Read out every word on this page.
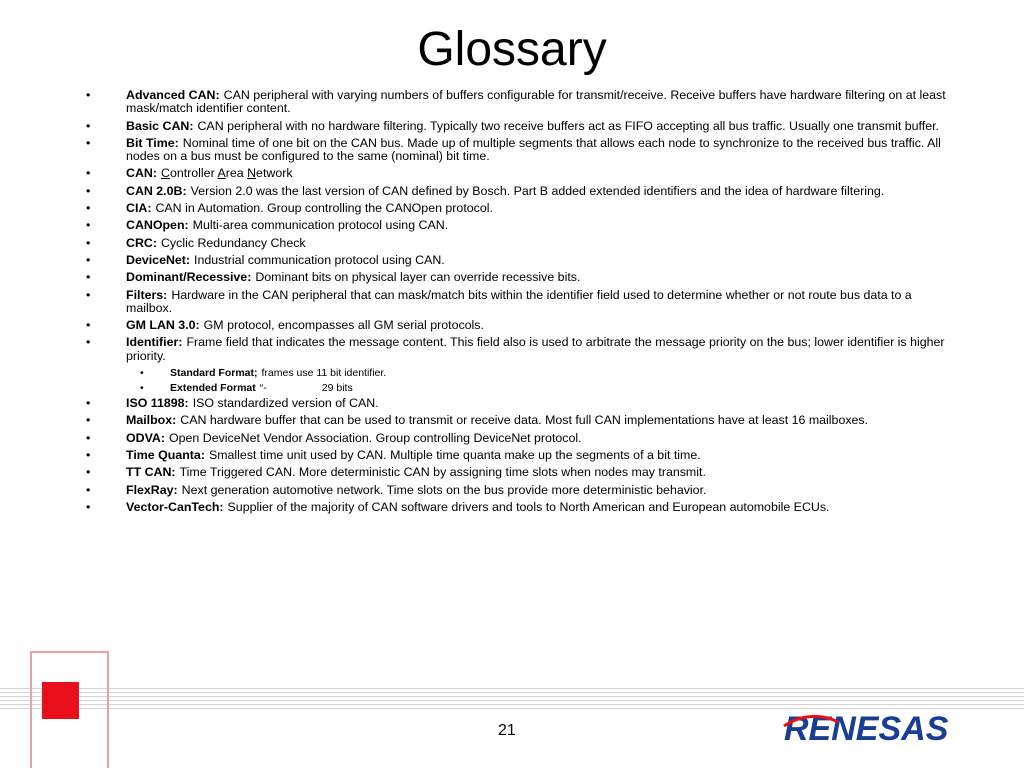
Glossary
•	Advanced CAN: CAN peripheral with varying numbers of buffers configurable for transmit/receive. Receive buffers have hardware filtering on at least mask/match identifier content.
•	Basic CAN: CAN peripheral with no hardware filtering. Typically two receive buffers act as FIFO accepting all bus traffic. Usually one transmit buffer.
•	Bit Time: Nominal time of one bit on the CAN bus. Made up of multiple segments that allows each node to synchronize to the received bus traffic. All nodes on a bus must be configured to the same (nominal) bit time.
•	CAN: Controller Area Network
•	CAN 2.0B: Version 2.0 was the last version of CAN defined by Bosch. Part B added extended identifiers and the idea of hardware filtering.
•	CIA: CAN in Automation. Group controlling the CANOpen protocol.
•	CANOpen: Multi-area communication protocol using CAN.
•	CRC: Cyclic Redundancy Check
•	DeviceNet: Industrial communication protocol using CAN.
•	Dominant/Recessive: Dominant bits on physical layer can override recessive bits.
•	Filters: Hardware in the CAN peripheral that can mask/match bits within the identifier field used to determine whether or not route bus data to a mailbox.
•	GM LAN 3.0: GM protocol, encompasses all GM serial protocols.
•	Identifier: Frame field that indicates the message content. This field also is used to arbitrate the message priority on the bus; lower identifier is higher priority.
•	Standard Format; frames use 11 bit identifier.
•	Extended Format “-	29 bits
•	ISO 11898: ISO standardized version of CAN.
•	Mailbox: CAN hardware buffer that can be used to transmit or receive data. Most full CAN implementations have at least 16 mailboxes.
•	ODVA: Open DeviceNet Vendor Association. Group controlling DeviceNet protocol.
•	Time Quanta: Smallest time unit used by CAN. Multiple time quanta make up the segments of a bit time.
•	TT CAN: Time Triggered CAN. More deterministic CAN by assigning time slots when nodes may transmit.
•	FlexRay: Next generation automotive network. Time slots on the bus provide more deterministic behavior.
•	Vector-CanTech: Supplier of the majority of CAN software drivers and tools to North American and European automobile ECUs.
21	RENESAS
